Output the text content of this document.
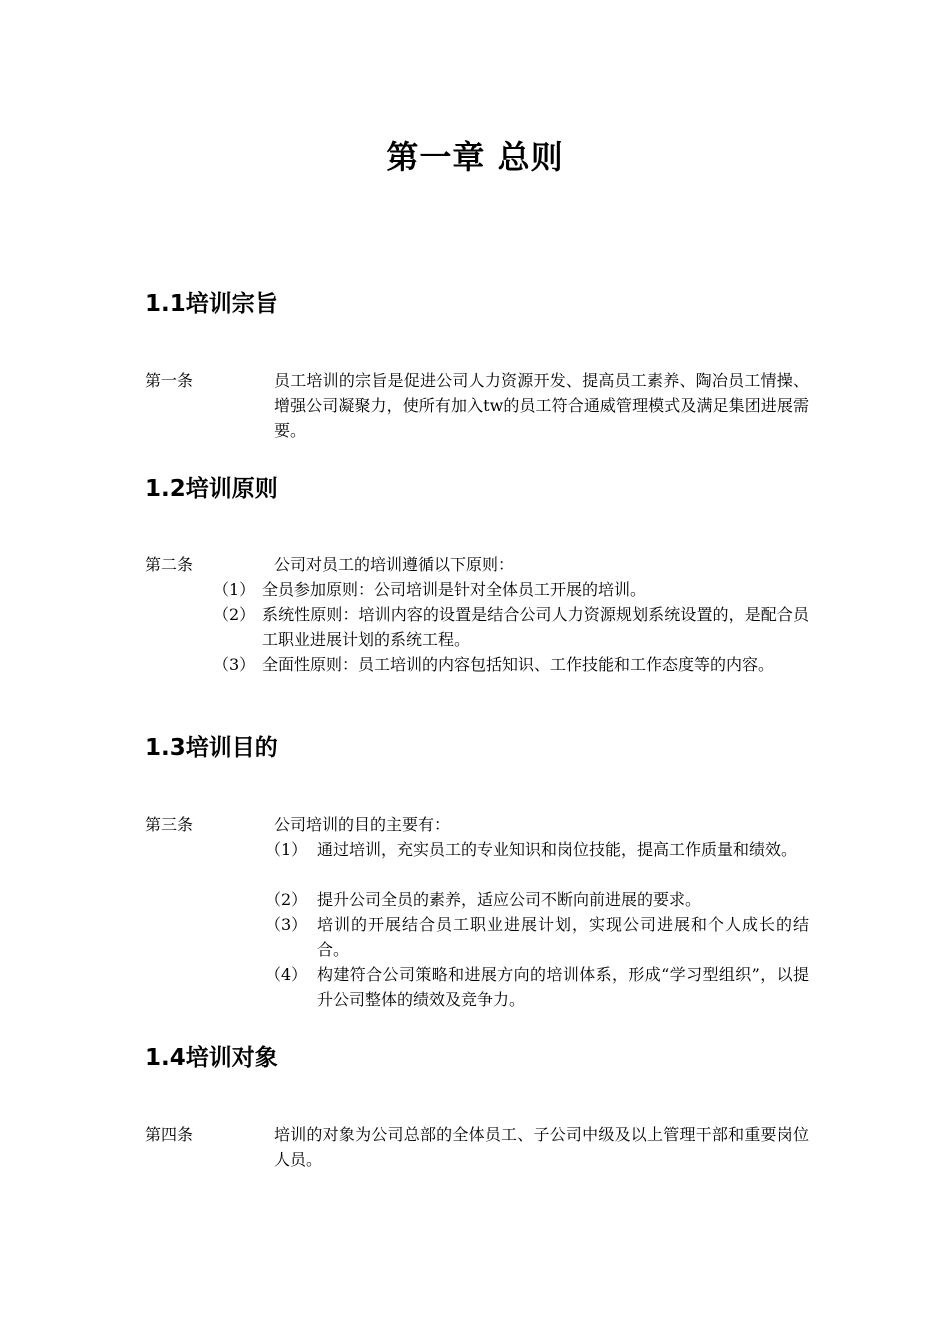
第一章 总则
1.1培训宗旨
第一条	员工培训的宗旨是促进公司人力资源开发、提高员工素养、陶冶员工情操、增强公司凝聚力，使所有加入tw的员工符合通威管理模式及满足集团进展需要。
1.2培训原则
第二条	公司对员工的培训遵循以下原则：
（1） 全员参加原则：公司培训是针对全体员工开展的培训。
（2） 系统性原则：培训内容的设置是结合公司人力资源规划系统设置的，是配合员工职业进展计划的系统工程。
（3） 全面性原则：员工培训的内容包括知识、工作技能和工作态度等的内容。
1.3培训目的
第三条	公司培训的目的主要有：
（1） 通过培训，充实员工的专业知识和岗位技能，提高工作质量和绩效。
（2） 提升公司全员的素养，适应公司不断向前进展的要求。
（3） 培训的开展结合员工职业进展计划，实现公司进展和个人成长的结合。
（4） 构建符合公司策略和进展方向的培训体系，形成“学习型组织”，以提升公司整体的绩效及竞争力。
1.4培训对象
第四条	培训的对象为公司总部的全体员工、子公司中级及以上管理干部和重要岗位人员。
